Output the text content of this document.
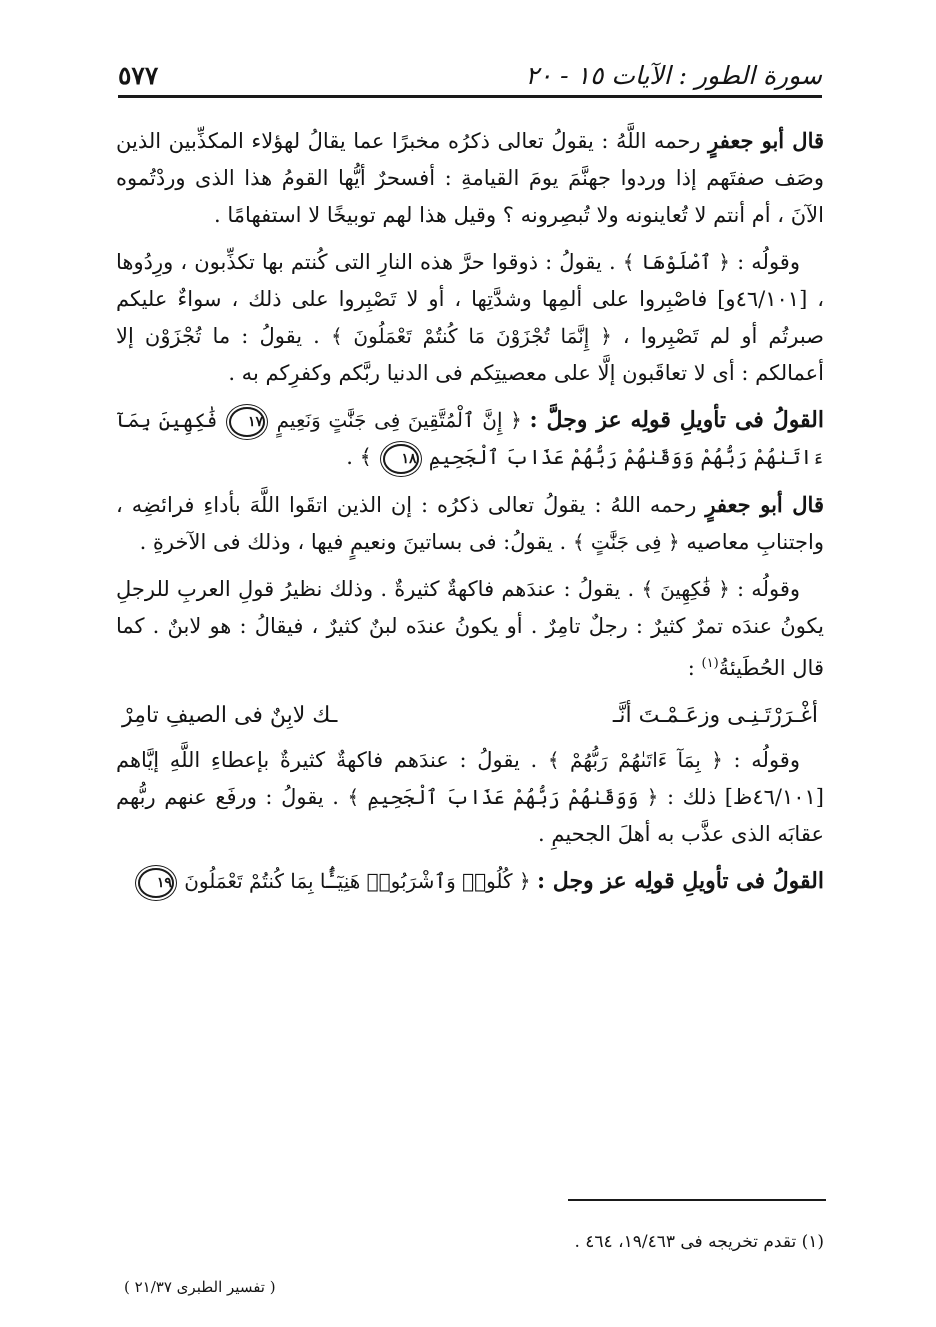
٥٧٧	سورة الطور : الآيات ١٥ - ٢٠

قال أبو جعفرٍ رحمه اللَّهُ : يقولُ تعالى ذكرُه مخبرًا عما يقالُ لهؤلاء المكذِّبين الذين وصَف صفتَهم إذا وردوا جهنَّمَ يومَ القيامةِ : أفسحرٌ أيُّها القومُ هذا الذى وردْتُموه الآنَ ، أم أنتم لا تُعاينونه ولا تُبصِرونه ؟ وقيل هذا لهم توبيخًا لا استفهامًا .

وقولُه : ﴿ ٱصْلَوْهَا ﴾ . يقولُ : ذوقوا حرَّ هذه النارِ التى كُنتم بها تكذِّبون ، ورِدُوها ، [٤٦/١٠١و] فاصْبِروا على ألمِها وشدَّتِها ، أو لا تَصْبِروا على ذلك ، سواءٌ عليكم صبرتُم أو لم تَصْبِروا ، ﴿ إِنَّمَا تُجْزَوْنَ مَا كُنتُمْ تَعْمَلُونَ ﴾ . يقولُ : ما تُجْزَوْن إلا أعمالكم : أى لا تعاقَبون إلَّا على معصيتِكم فى الدنيا ربَّكم وكفرِكم به .

القولُ فى تأويلِ قولِه عز وجلَّ : ﴿ إِنَّ ٱلْمُتَّقِينَ فِى جَنَّٰتٍ وَنَعِيمٍ ١٧ فَٰكِهِينَ بِمَآ ءَاتَىٰهُمْ رَبُّهُمْ وَوَقَىٰهُمْ رَبُّهُمْ عَذَابَ ٱلْجَحِيمِ ١٨ ﴾ .

قال أبو جعفرٍ رحمه اللهُ : يقولُ تعالى ذكرُه : إن الذين اتقَوا اللَّهَ بأداءِ فرائضِه ، واجتنابِ معاصيه ﴿ فِى جَنَّٰتٍ ﴾ . يقولُ: فى بساتينَ ونعيمٍ فيها ، وذلك فى الآخرةِ .

وقولُه : ﴿ فَٰكِهِينَ ﴾ . يقولُ : عندَهم فاكهةٌ كثيرةٌ . وذلك نظيرُ قولِ العربِ للرجلِ يكونُ عندَه تمرٌ كثيرٌ : رجلٌ تامِرٌ . أو يكونُ عندَه لبنٌ كثيرٌ ، فيقالُ : هو لابنٌ . كما قال الحُطَيئةُ$^{(١)}$ :

أغْـرَرْتَـنِـى وزعَـمْـتَ أنَّـ
ـك لابِنٌ فى الصيفِ تامِرْ

وقولُه : ﴿ بِمَآ ءَاتَىٰهُمْ رَبُّهُمْ ﴾ . يقولُ : عندَهم فاكهةٌ كثيرةٌ بإعطاءِ اللَّهِ إيَّاهم [٤٦/١٠١ظ] ذلك : ﴿ وَوَقَىٰهُمْ رَبُّهُمْ عَذَابَ ٱلْجَحِيمِ ﴾ . يقولُ : ورفَع عنهم ربُّهم عقابَه الذى عذَّب به أهلَ الجحيمِ .

القولُ فى تأويلِ قولِه عز وجل : ﴿ كُلُوا۟ وَٱشْرَبُوا۟ هَنِيٓـًٔۢا بِمَا كُنتُمْ تَعْمَلُونَ ١٩

(١) تقدم تخريجه فى ١٩/٤٦٣، ٤٦٤ .
( تفسير الطبرى ٢١/٣٧ )
